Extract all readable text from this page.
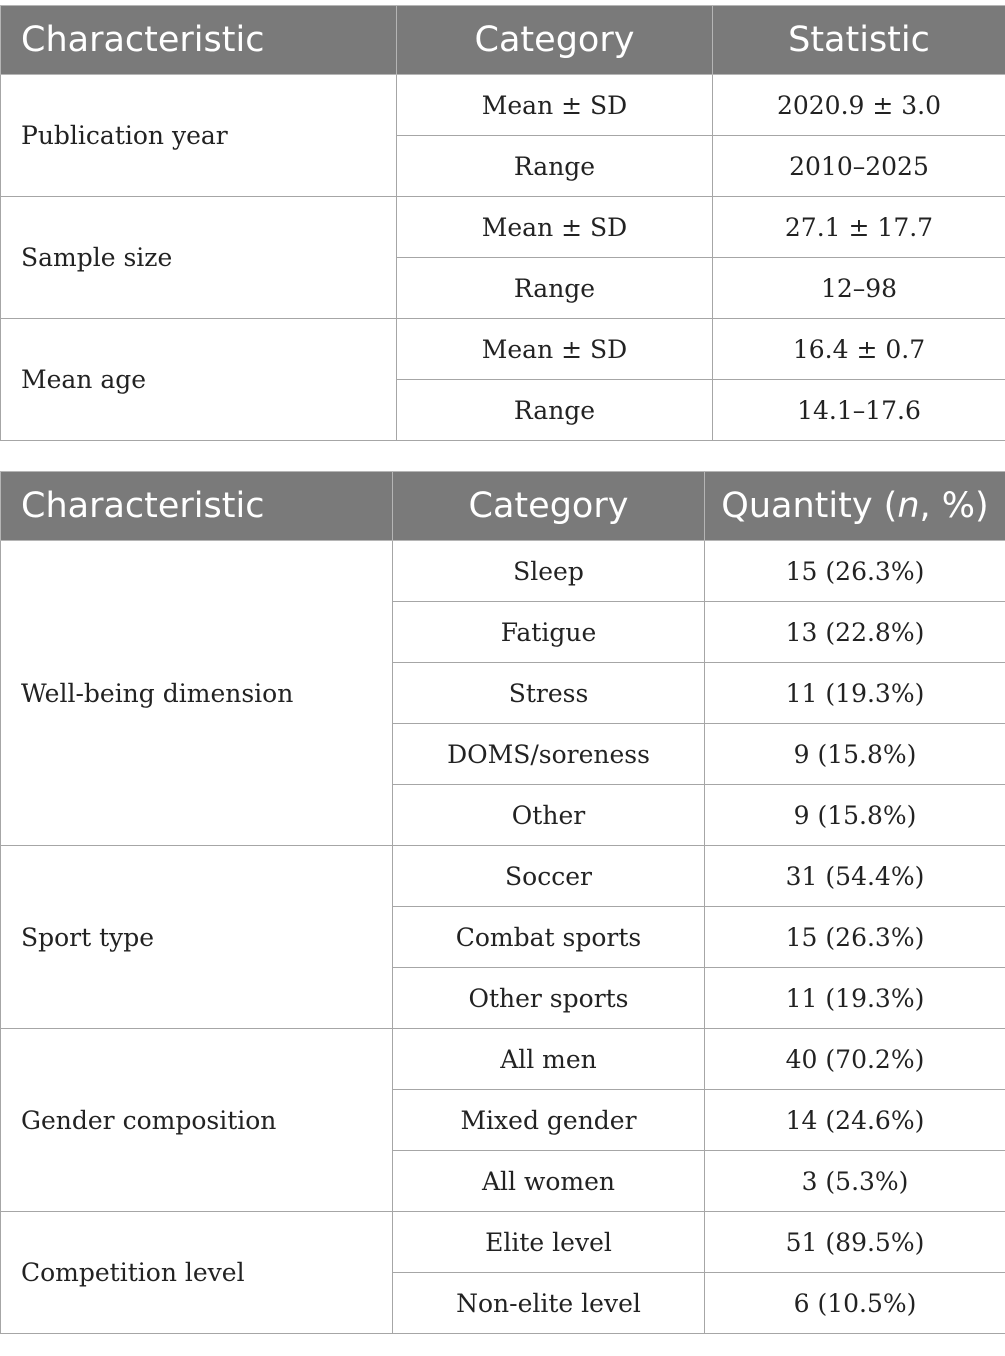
Characteristic	Category	Statistic
Publication year	Mean ± SD	2020.9 ± 3.0
	Range	2010–2025
Sample size	Mean ± SD	27.1 ± 17.7
	Range	12–98
Mean age	Mean ± SD	16.4 ± 0.7
	Range	14.1–17.6
Characteristic	Category	Quantity (n, %)
Well-being dimension	Sleep	15 (26.3%)
	Fatigue	13 (22.8%)
	Stress	11 (19.3%)
	DOMS/soreness	9 (15.8%)
	Other	9 (15.8%)
Sport type	Soccer	31 (54.4%)
	Combat sports	15 (26.3%)
	Other sports	11 (19.3%)
Gender composition	All men	40 (70.2%)
	Mixed gender	14 (24.6%)
	All women	3 (5.3%)
Competition level	Elite level	51 (89.5%)
	Non-elite level	6 (10.5%)
